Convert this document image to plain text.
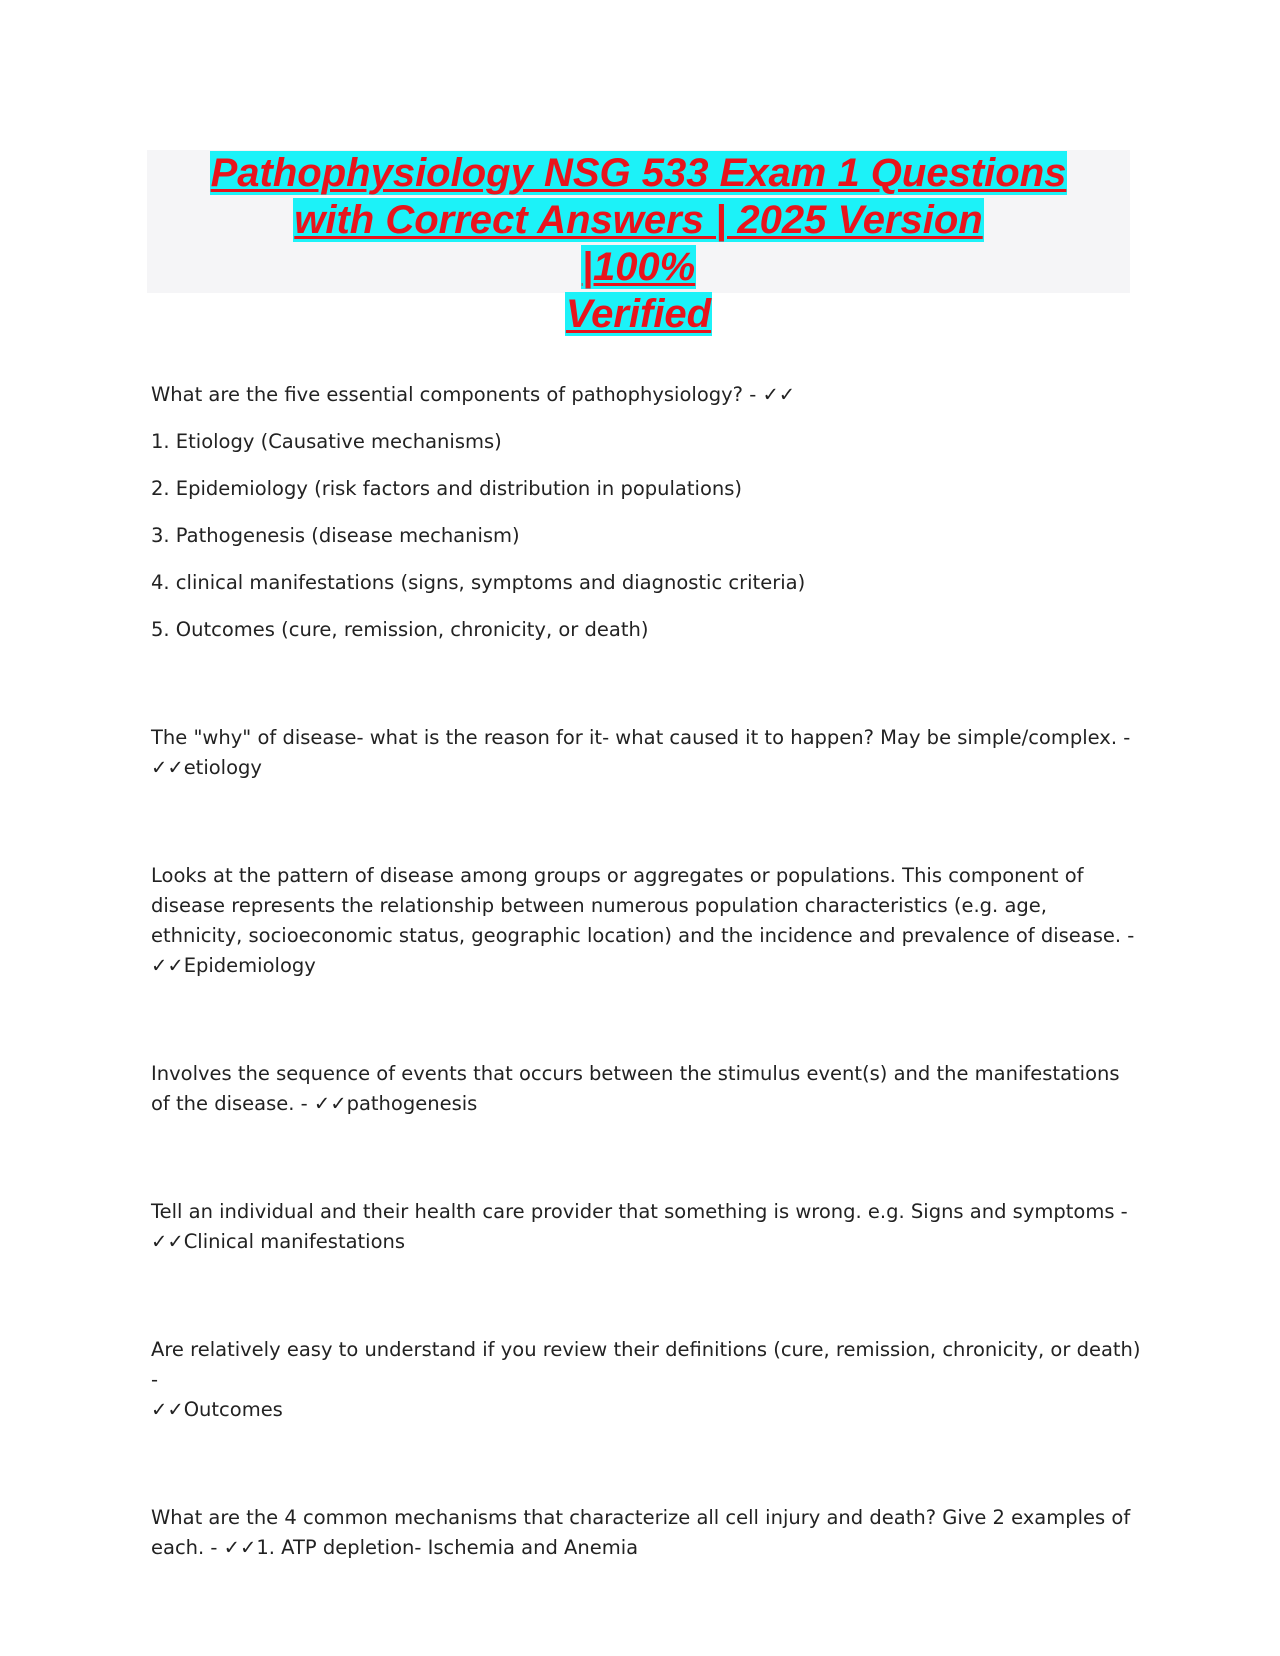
Pathophysiology NSG 533 Exam 1 Questions
with Correct Answers | 2025 Version
|100%
Verified
What are the five essential components of pathophysiology? - ✓✓
1. Etiology (Causative mechanisms)
2. Epidemiology (risk factors and distribution in populations)
3. Pathogenesis (disease mechanism)
4. clinical manifestations (signs, symptoms and diagnostic criteria)
5. Outcomes (cure, remission, chronicity, or death)
The "why" of disease- what is the reason for it- what caused it to happen? May be simple/complex. -
✓✓etiology
Looks at the pattern of disease among groups or aggregates or populations. This component of disease represents the relationship between numerous population characteristics (e.g. age, ethnicity, socioeconomic status, geographic location) and the incidence and prevalence of disease. -
✓✓Epidemiology
Involves the sequence of events that occurs between the stimulus event(s) and the manifestations of the disease. - ✓✓pathogenesis
Tell an individual and their health care provider that something is wrong. e.g. Signs and symptoms -
✓✓Clinical manifestations
Are relatively easy to understand if you review their definitions (cure, remission, chronicity, or death) -
✓✓Outcomes
What are the 4 common mechanisms that characterize all cell injury and death? Give 2 examples of each. - ✓✓1. ATP depletion- Ischemia and Anemia
